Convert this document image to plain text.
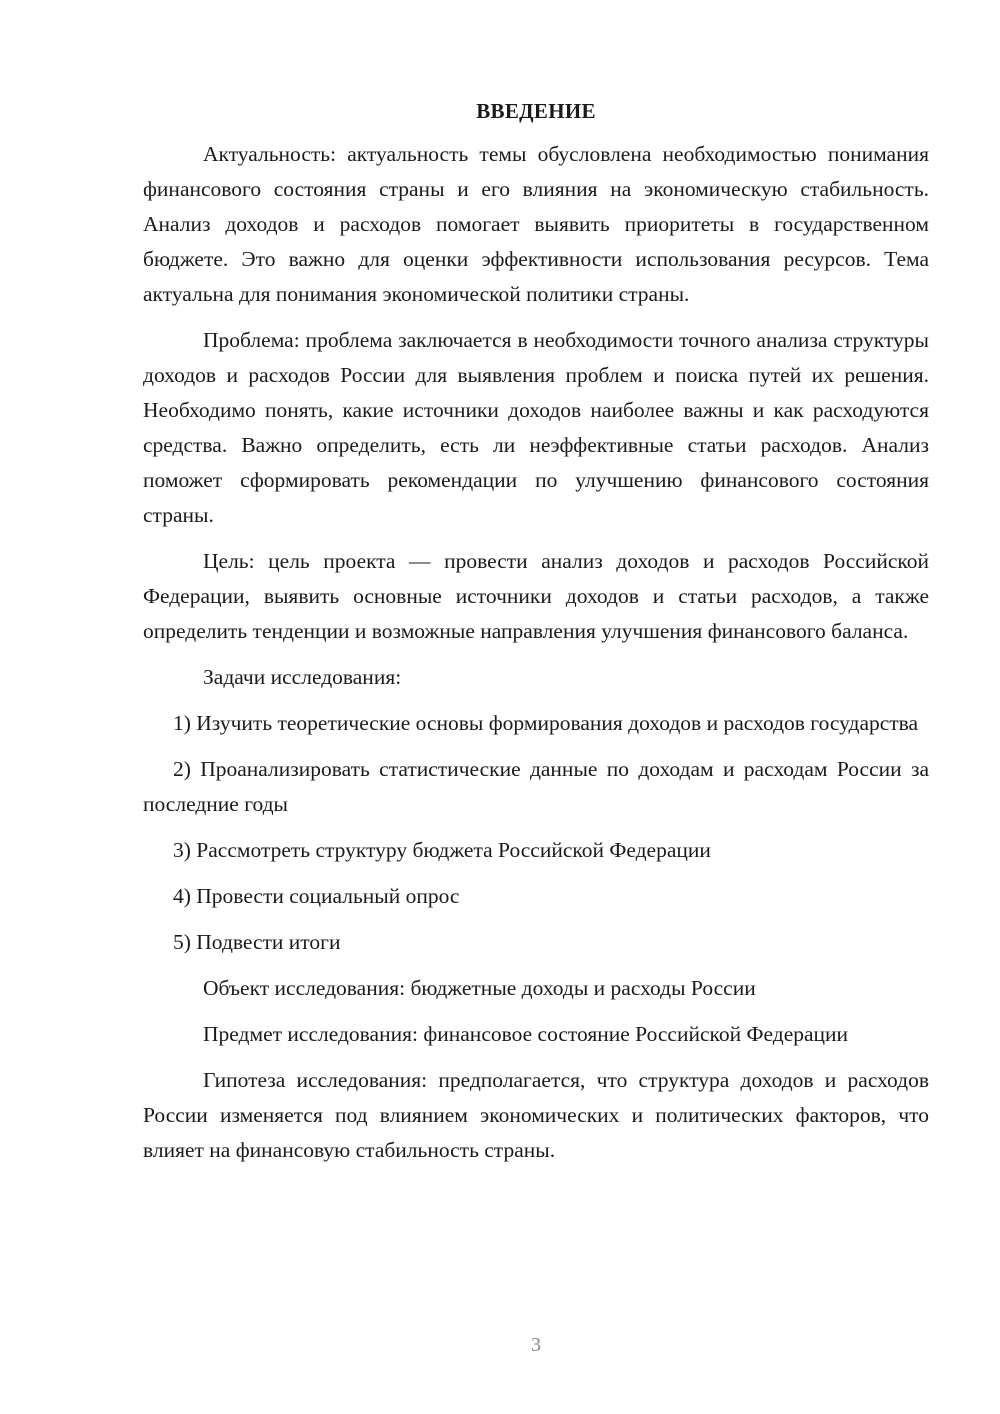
ВВЕДЕНИЕ

Актуальность: актуальность темы обусловлена необходимостью понимания финансового состояния страны и его влияния на экономическую стабильность. Анализ доходов и расходов помогает выявить приоритеты в государственном бюджете. Это важно для оценки эффективности использования ресурсов. Тема актуальна для понимания экономической политики страны.

Проблема: проблема заключается в необходимости точного анализа структуры доходов и расходов России для выявления проблем и поиска путей их решения. Необходимо понять, какие источники доходов наиболее важны и как расходуются средства. Важно определить, есть ли неэффективные статьи расходов. Анализ поможет сформировать рекомендации по улучшению финансового состояния страны.

Цель: цель проекта — провести анализ доходов и расходов Российской Федерации, выявить основные источники доходов и статьи расходов, а также определить тенденции и возможные направления улучшения финансового баланса.

Задачи исследования:

1) Изучить теоретические основы формирования доходов и расходов государства

2) Проанализировать статистические данные по доходам и расходам России за последние годы

3) Рассмотреть структуру бюджета Российской Федерации

4) Провести социальный опрос

5) Подвести итоги

Объект исследования: бюджетные доходы и расходы России

Предмет исследования: финансовое состояние Российской Федерации

Гипотеза исследования: предполагается, что структура доходов и расходов России изменяется под влиянием экономических и политических факторов, что влияет на финансовую стабильность страны.

3
